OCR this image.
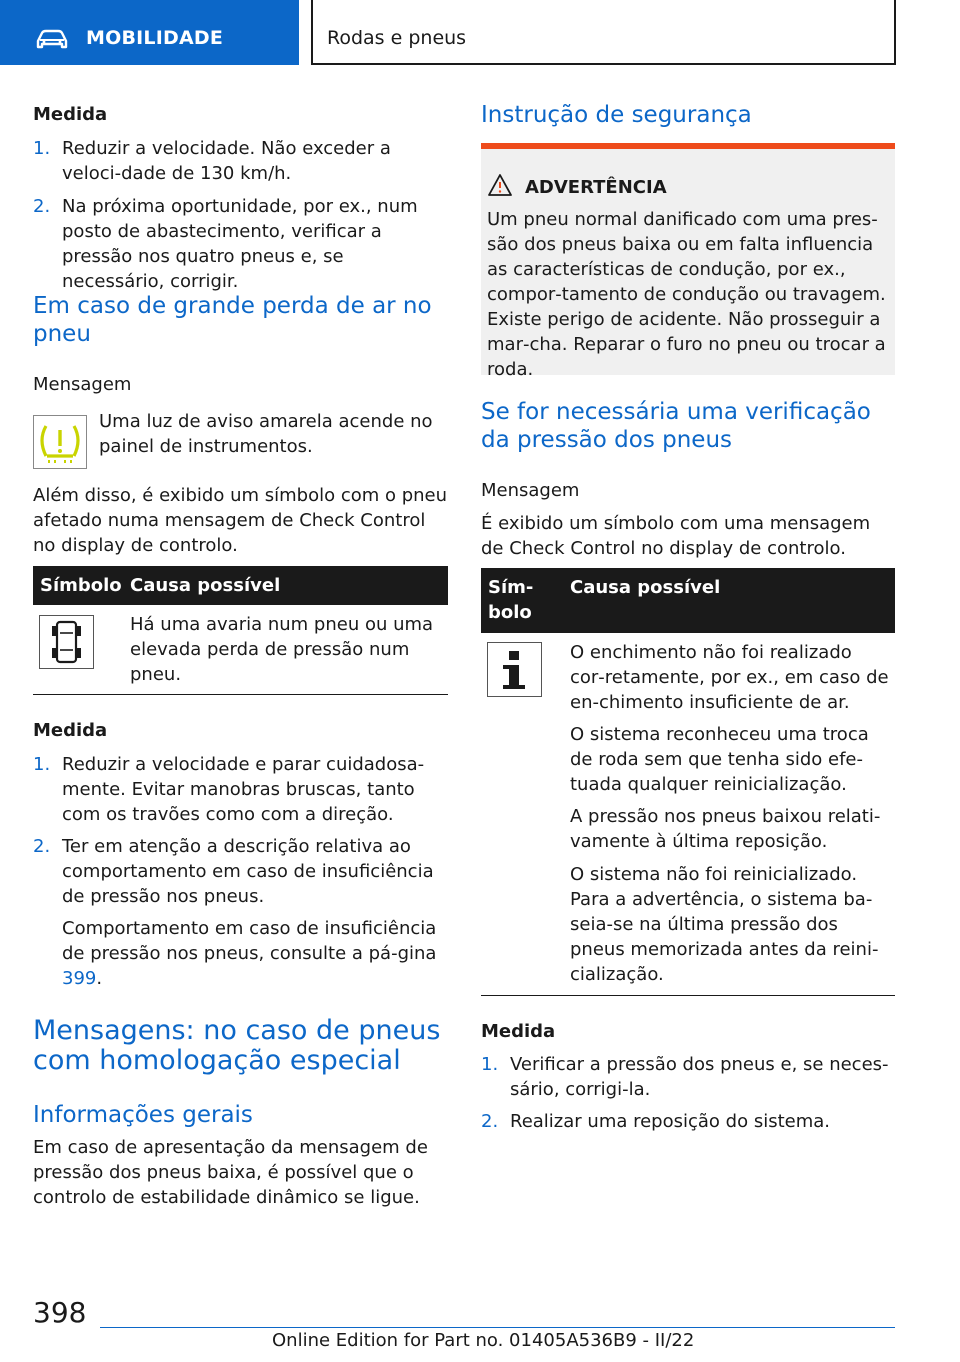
MOBILIDADE	Rodas e pneus
Medida
1. Reduzir a velocidade. Não exceder a veloci‐dade de 130 km/h.
2. Na próxima oportunidade, por ex., num posto de abastecimento, verificar a pressão nos quatro pneus e, se necessário, corrigir.
Em caso de grande perda de ar no pneu
Mensagem
Uma luz de aviso amarela acende no painel de instrumentos.
Além disso, é exibido um símbolo com o pneu afetado numa mensagem de Check Control no display de controlo.
Símbolo Causa possível
Há uma avaria num pneu ou uma elevada perda de pressão num pneu.
Medida
1. Reduzir a velocidade e parar cuidadosa‐mente. Evitar manobras bruscas, tanto com os travões como com a direção.
2. Ter em atenção a descrição relativa ao comportamento em caso de insuficiência de pressão nos pneus.
Comportamento em caso de insuficiência de pressão nos pneus, consulte a pá‐gina 399.
Mensagens: no caso de pneus com homologação especial
Informações gerais
Em caso de apresentação da mensagem de pressão dos pneus baixa, é possível que o controlo de estabilidade dinâmico se ligue.
Instrução de segurança
ADVERTÊNCIA
Um pneu normal danificado com uma pres‐são dos pneus baixa ou em falta influencia as características de condução, por ex., compor‐tamento de condução ou travagem. Existe perigo de acidente. Não prosseguir a mar‐cha. Reparar o furo no pneu ou trocar a roda.
Se for necessária uma verificação da pressão dos pneus
Mensagem
É exibido um símbolo com uma mensagem de Check Control no display de controlo.
Sím‐bolo
Causa possível
O enchimento não foi realizado cor‐retamente, por ex., em caso de en‐chimento insuficiente de ar.
O sistema reconheceu uma troca de roda sem que tenha sido efe‐tuada qualquer reinicialização.
A pressão nos pneus baixou relati‐vamente à última reposição.
O sistema não foi reinicializado. Para a advertência, o sistema ba‐seia-se na última pressão dos pneus memorizada antes da reini‐cialização.
Medida
1. Verificar a pressão dos pneus e, se neces‐sário, corrigi-la.
2. Realizar uma reposição do sistema.
398
Online Edition for Part no. 01405A536B9 - II/22
